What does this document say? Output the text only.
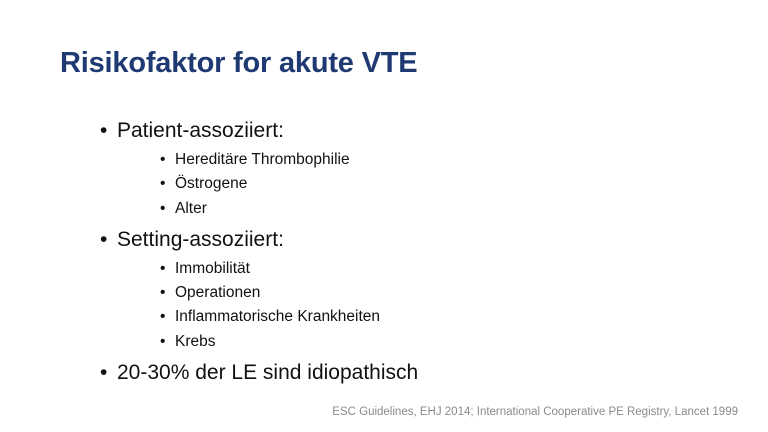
Risikofaktor for akute VTE
• Patient-assoziiert:
• Hereditäre Thrombophilie
• Östrogene
• Alter
• Setting-assoziiert:
• Immobilität
• Operationen
• Inflammatorische Krankheiten
• Krebs
• 20-30% der LE sind idiopathisch
ESC Guidelines, EHJ 2014; International Cooperative PE Registry, Lancet 1999
